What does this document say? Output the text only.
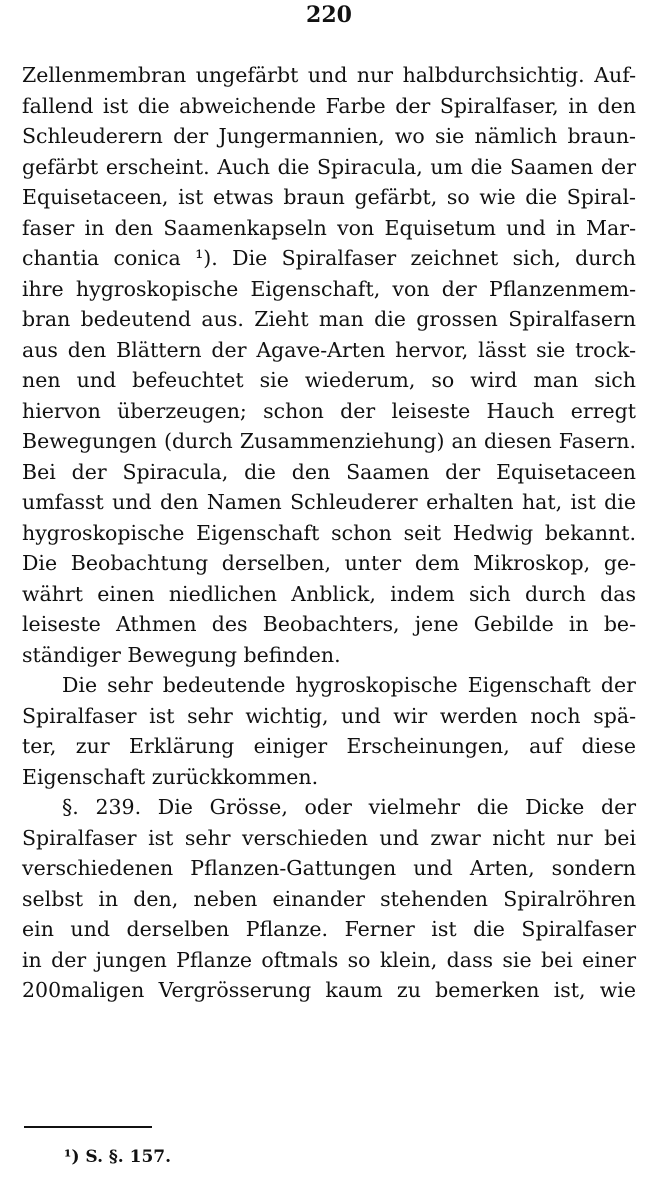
220
Zellenmembran ungefärbt und nur halbdurchsichtig. Auf-
fallend ist die abweichende Farbe der Spiralfaser, in den
Schleuderern der Jungermannien, wo sie nämlich braun-
gefärbt erscheint. Auch die Spiracula, um die Saamen der
Equisetaceen, ist etwas braun gefärbt, so wie die Spiral-
faser in den Saamenkapseln von Equisetum und in Mar-
chantia conica ¹). Die Spiralfaser zeichnet sich, durch
ihre hygroskopische Eigenschaft, von der Pflanzenmem-
bran bedeutend aus. Zieht man die grossen Spiralfasern
aus den Blättern der Agave-Arten hervor, lässt sie trock-
nen und befeuchtet sie wiederum, so wird man sich
hiervon überzeugen; schon der leiseste Hauch erregt
Bewegungen (durch Zusammenziehung) an diesen Fasern.
Bei der Spiracula, die den Saamen der Equisetaceen
umfasst und den Namen Schleuderer erhalten hat, ist die
hygroskopische Eigenschaft schon seit Hedwig bekannt.
Die Beobachtung derselben, unter dem Mikroskop, ge-
währt einen niedlichen Anblick, indem sich durch das
leiseste Athmen des Beobachters, jene Gebilde in be-
ständiger Bewegung befinden.
Die sehr bedeutende hygroskopische Eigenschaft der
Spiralfaser ist sehr wichtig, und wir werden noch spä-
ter, zur Erklärung einiger Erscheinungen, auf diese
Eigenschaft zurückkommen.
§. 239. Die Grösse, oder vielmehr die Dicke der
Spiralfaser ist sehr verschieden und zwar nicht nur bei
verschiedenen Pflanzen-Gattungen und Arten, sondern
selbst in den, neben einander stehenden Spiralröhren
ein und derselben Pflanze. Ferner ist die Spiralfaser
in der jungen Pflanze oftmals so klein, dass sie bei einer
200maligen Vergrösserung kaum zu bemerken ist, wie
¹) S. §. 157.
